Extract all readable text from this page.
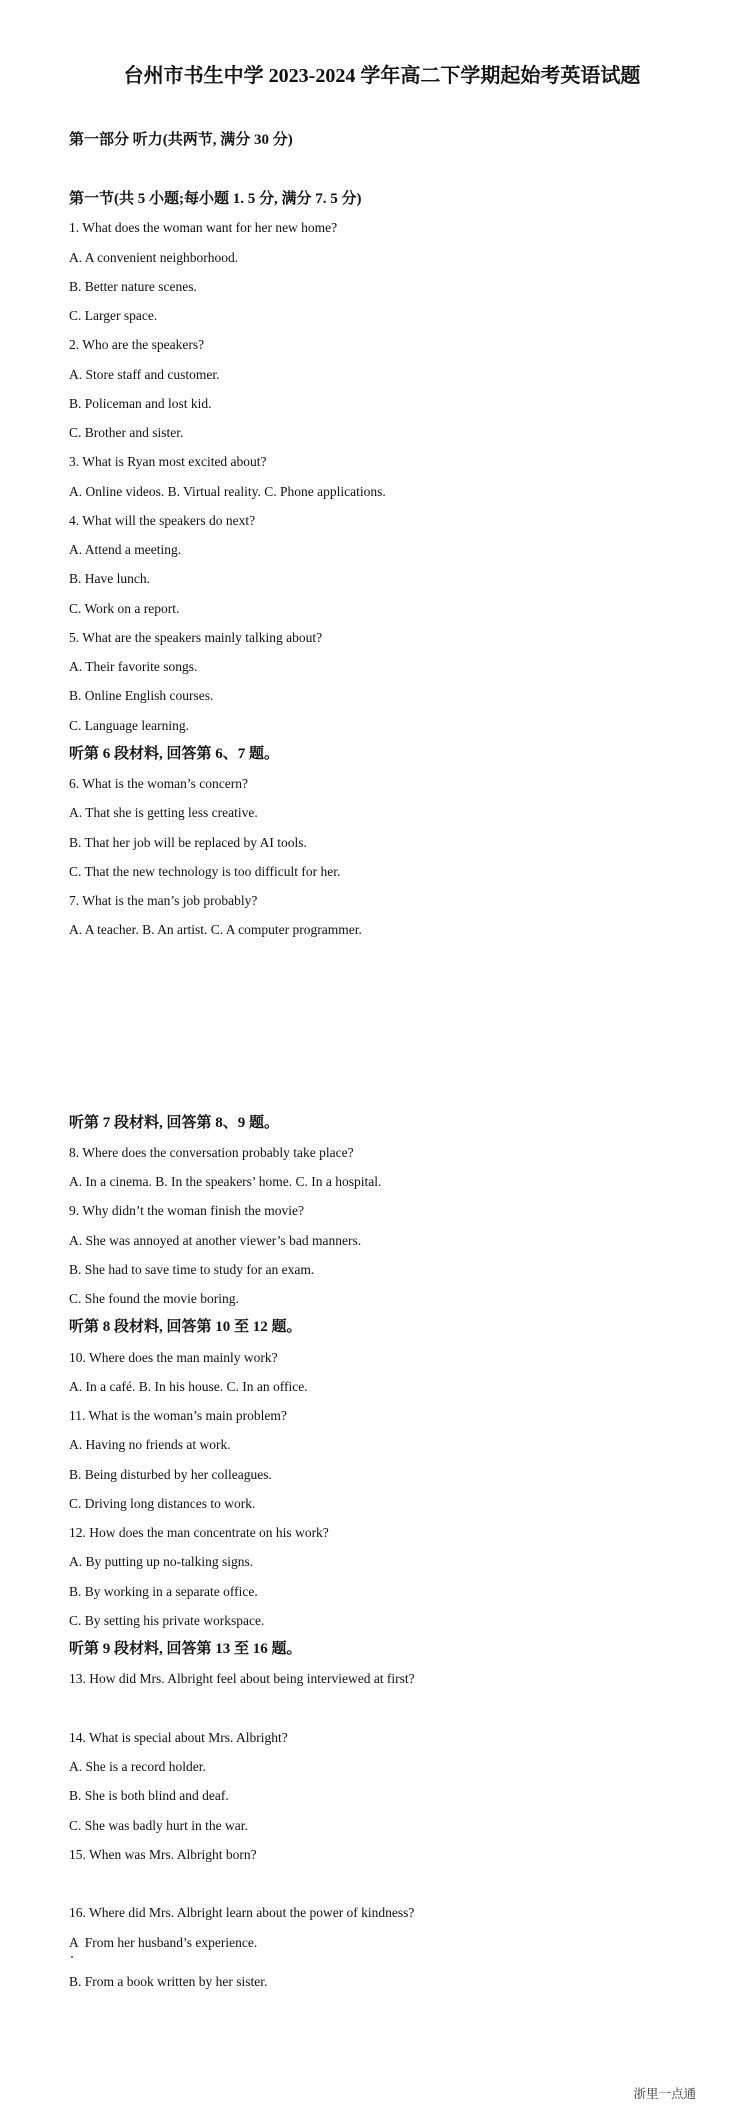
台州市书生中学 2023-2024 学年高二下学期起始考英语试题
第一部分 听力(共两节, 满分 30 分)
第一节(共 5 小题;每小题 1. 5 分, 满分 7. 5 分)
1. What does the woman want for her new home?
A. A convenient neighborhood.
B. Better nature scenes.
C. Larger space.
2. Who are the speakers?
A. Store staff and customer.
B. Policeman and lost kid.
C. Brother and sister.
3. What is Ryan most excited about?
A. Online videos. B. Virtual reality. C. Phone applications.
4. What will the speakers do next?
A. Attend a meeting.
B. Have lunch.
C. Work on a report.
5. What are the speakers mainly talking about?
A. Their favorite songs.
B. Online English courses.
C. Language learning.
听第 6 段材料, 回答第 6、7 题。
6. What is the woman’s concern?
A. That she is getting less creative.
B. That her job will be replaced by AI tools.
C. That the new technology is too difficult for her.
7. What is the man’s job probably?
A. A teacher. B. An artist. C. A computer programmer.
听第 7 段材料, 回答第 8、9 题。
8. Where does the conversation probably take place?
A. In a cinema. B. In the speakers’ home. C. In a hospital.
9. Why didn’t the woman finish the movie?
A. She was annoyed at another viewer’s bad manners.
B. She had to save time to study for an exam.
C. She found the movie boring.
听第 8 段材料, 回答第 10 至 12 题。
10. Where does the man mainly work?
A. In a café. B. In his house. C. In an office.
11. What is the woman’s main problem?
A. Having no friends at work.
B. Being disturbed by her colleagues.
C. Driving long distances to work.
12. How does the man concentrate on his work?
A. By putting up no-talking signs.
B. By working in a separate office.
C. By setting his private workspace.
听第 9 段材料, 回答第 13 至 16 题。
13. How did Mrs. Albright feel about being interviewed at first?

14. What is special about Mrs. Albright?
A. She is a record holder.
B. She is both blind and deaf.
C. She was badly hurt in the war.
15. When was Mrs. Albright born?

16. Where did Mrs. Albright learn about the power of kindness?
A  From her husband’s experience.
B. From a book written by her sister.
浙里一点通
